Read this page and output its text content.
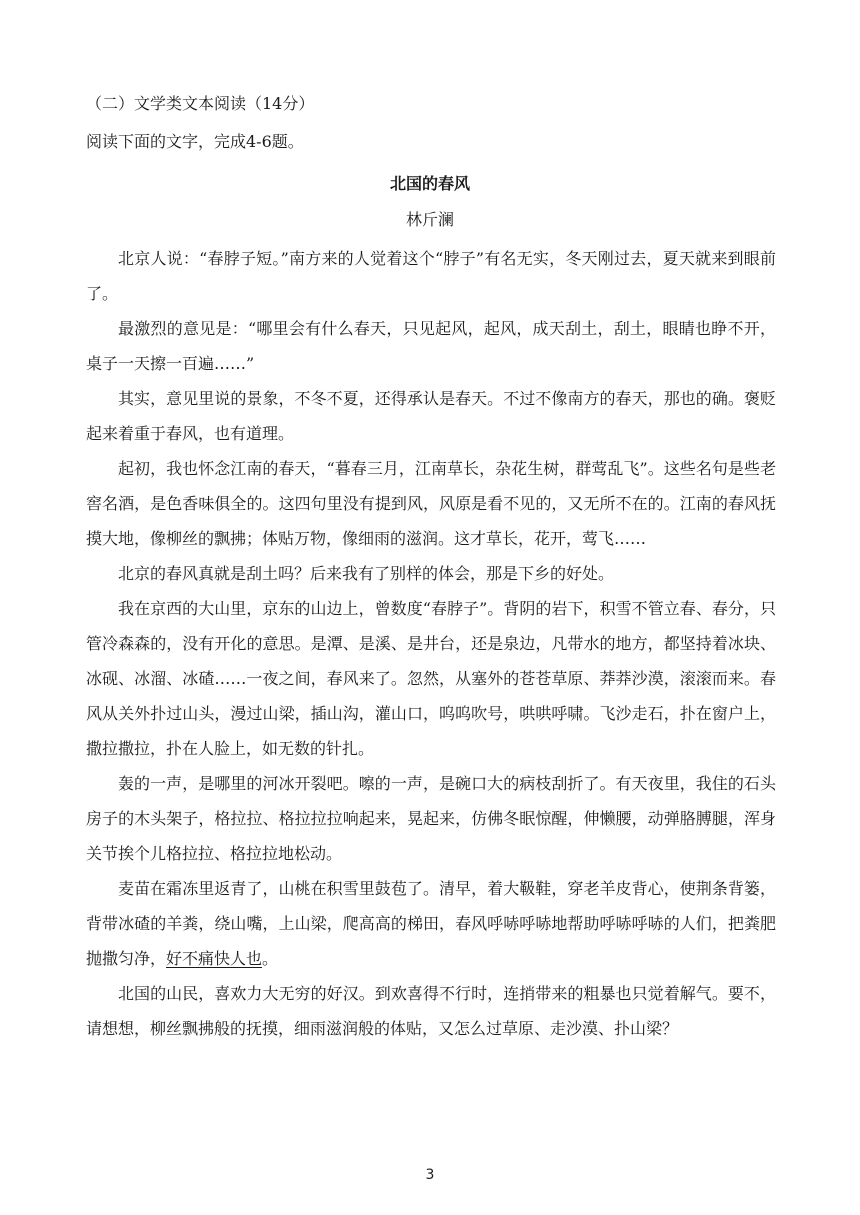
（二）文学类文本阅读（14分）
阅读下面的文字，完成4-6题。
北国的春风
林斤澜

北京人说：“春脖子短。”南方来的人觉着这个“脖子”有名无实，冬天刚过去，夏天就来到眼前了。

最激烈的意见是：“哪里会有什么春天，只见起风，起风，成天刮土，刮土，眼睛也睁不开，桌子一天擦一百遍……”

其实，意见里说的景象，不冬不夏，还得承认是春天。不过不像南方的春天，那也的确。褒贬起来着重于春风，也有道理。

起初，我也怀念江南的春天，“暮春三月，江南草长，杂花生树，群莺乱飞”。这些名句是些老窖名酒，是色香味俱全的。这四句里没有提到风，风原是看不见的，又无所不在的。江南的春风抚摸大地，像柳丝的飘拂；体贴万物，像细雨的滋润。这才草长，花开，莺飞……

北京的春风真就是刮土吗？后来我有了别样的体会，那是下乡的好处。

我在京西的大山里，京东的山边上，曾数度“春脖子”。背阴的岩下，积雪不管立春、春分，只管冷森森的，没有开化的意思。是潭、是溪、是井台，还是泉边，凡带水的地方，都坚持着冰块、冰砚、冰溜、冰碴……一夜之间，春风来了。忽然，从塞外的苍苍草原、莽莽沙漠，滚滚而来。春风从关外扑过山头，漫过山梁，插山沟，灌山口，呜呜吹号，哄哄呼啸。飞沙走石，扑在窗户上，撒拉撒拉，扑在人脸上，如无数的针扎。

轰的一声，是哪里的河冰开裂吧。嚓的一声，是碗口大的病枝刮折了。有天夜里，我住的石头房子的木头架子，格拉拉、格拉拉拉响起来，晃起来，仿佛冬眠惊醒，伸懒腰，动弹胳膊腿，浑身关节挨个儿格拉拉、格拉拉地松动。

麦苗在霜冻里返青了，山桃在积雪里鼓苞了。清早，着大靸鞋，穿老羊皮背心，使荆条背篓，背带冰碴的羊粪，绕山嘴，上山梁，爬高高的梯田，春风呼哧呼哧地帮助呼哧呼哧的人们，把粪肥抛撒匀净，好不痛快人也。

北国的山民，喜欢力大无穷的好汉。到欢喜得不行时，连捎带来的粗暴也只觉着解气。要不，请想想，柳丝飘拂般的抚摸，细雨滋润般的体贴，又怎么过草原、走沙漠、扑山梁？

3
